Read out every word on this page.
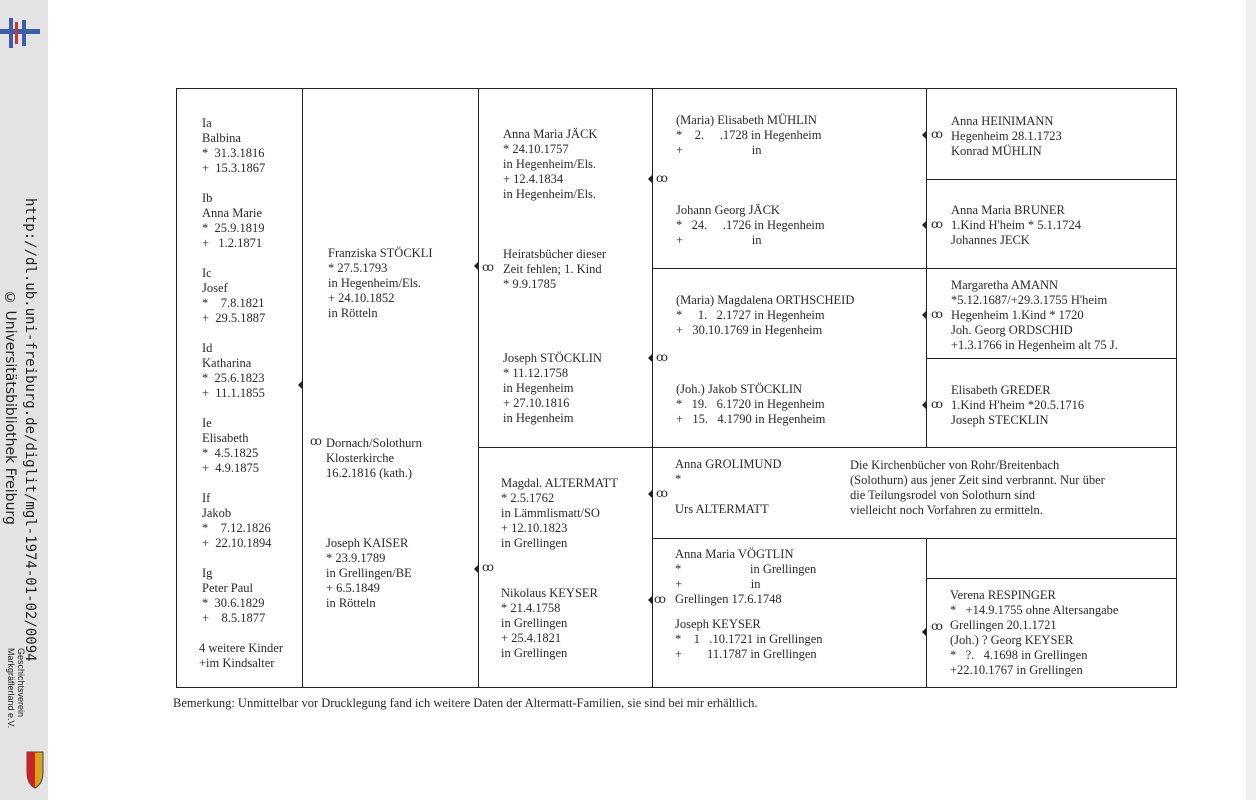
http://dl.ub.uni-freiburg.de/diglit/mgl-1974-01-02/0094
© Universitätsbibliothek Freiburg
Geschichtsverein
Markgräflerland e.V.
ꝏ
ꝏ
ꝏ
ꝏ
ꝏ
ꝏ
ꝏ
ꝏ
ꝏ
ꝏ
ꝏ
ꝏ
Ia
Balbina
*  31.3.1816
+  15.3.1867
Ib
Anna Marie
*  25.9.1819
+   1.2.1871
Ic
Josef
*    7.8.1821
+  29.5.1887
Id
Katharina
*  25.6.1823
+  11.1.1855
Ie
Elisabeth
*  4.5.1825
+  4.9.1875
If
Jakob
*    7.12.1826
+  22.10.1894
Ig
Peter Paul
*  30.6.1829
+    8.5.1877
4 weitere Kinder
+im Kindsalter
Franziska STÖCKLI
* 27.5.1793
in Hegenheim/Els.
+ 24.10.1852
in Rötteln
Dornach/Solothurn
Klosterkirche
16.2.1816 (kath.)
Joseph KAISER
* 23.9.1789
in Grellingen/BE
+ 6.5.1849
in Rötteln
Anna Maria JÄCK
* 24.10.1757
in Hegenheim/Els.
+ 12.4.1834
in Hegenheim/Els.
Heiratsbücher dieser
Zeit fehlen; 1. Kind
* 9.9.1785
Joseph STÖCKLIN
* 11.12.1758
in Hegenheim
+ 27.10.1816
in Hegenheim
Magdal. ALTERMATT
* 2.5.1762
in Lämmlismatt/SO
+ 12.10.1823
in Grellingen
Nikolaus KEYSER
* 21.4.1758
in Grellingen
+ 25.4.1821
in Grellingen
(Maria) Elisabeth MÜHLIN
*    2.     .1728 in Hegenheim
+                      in
Johann Georg JÄCK
*   24.     .1726 in Hegenheim
+                      in
(Maria) Magdalena ORTHSCHEID
*     1.   2.1727 in Hegenheim
+   30.10.1769 in Hegenheim
(Joh.) Jakob STÖCKLIN
*   19.   6.1720 in Hegenheim
+   15.   4.1790 in Hegenheim
Anna GROLIMUND
*
Urs ALTERMATT
Anna Maria VÖGTLIN
*                      in Grellingen
+                      in
Grellingen 17.6.1748
Joseph KEYSER
*    1   .10.1721 in Grellingen
+        11.1787 in Grellingen
Anna HEINIMANN
Hegenheim 28.1.1723
Konrad MÜHLIN
Anna Maria BRUNER
1.Kind H'heim * 5.1.1724
Johannes JECK
Margaretha AMANN
*5.12.1687/+29.3.1755 H'heim
Hegenheim 1.Kind * 1720
Joh. Georg ORDSCHID
+1.3.1766 in Hegenheim alt 75 J.
Elisabeth GREDER
1.Kind H'heim *20.5.1716
Joseph STECKLIN
Die Kirchenbücher von Rohr/Breitenbach
(Solothurn) aus jener Zeit sind verbrannt. Nur über
die Teilungsrodel von Solothurn sind
vielleicht noch Vorfahren zu ermitteln.
Verena RESPINGER
*   +14.9.1755 ohne Altersangabe
Grellingen 20.1.1721
(Joh.) ? Georg KEYSER
*   ?.   4.1698 in Grellingen
+22.10.1767 in Grellingen
Bemerkung: Unmittelbar vor Drucklegung fand ich weitere Daten der Altermatt-Familien, sie sind bei mir erhältlich.
